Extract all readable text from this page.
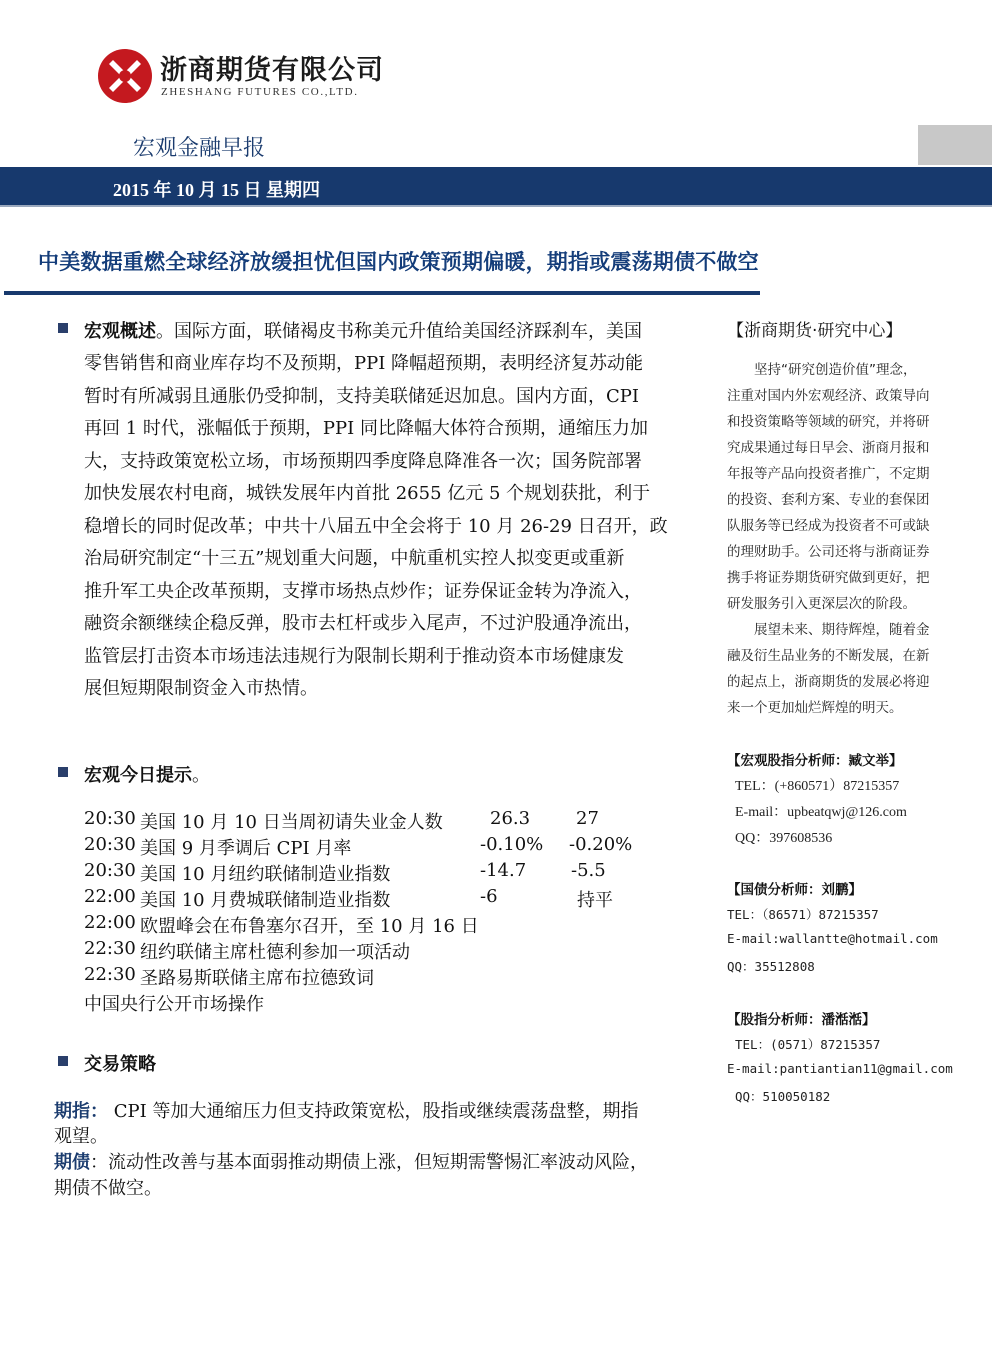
浙商期货有限公司
ZHESHANG FUTURES CO.,LTD.
宏观金融早报
2015 年 10 月 15 日 星期四
中美数据重燃全球经济放缓担忧但国内政策预期偏暖，期指或震荡期债不做空
宏观概述。国际方面，联储褐皮书称美元升值给美国经济踩刹车，美国
零售销售和商业库存均不及预期，PPI 降幅超预期，表明经济复苏动能
暂时有所减弱且通胀仍受抑制，支持美联储延迟加息。国内方面，CPI
再回 1 时代，涨幅低于预期，PPI 同比降幅大体符合预期，通缩压力加
大，支持政策宽松立场，市场预期四季度降息降准各一次；国务院部署
加快发展农村电商，城铁发展年内首批 2655 亿元 5 个规划获批，利于
稳增长的同时促改革；中共十八届五中全会将于 10 月 26-29 日召开，政
治局研究制定“十三五”规划重大问题，中航重机实控人拟变更或重新
推升军工央企改革预期，支撑市场热点炒作；证券保证金转为净流入，
融资余额继续企稳反弹，股市去杠杆或步入尾声，不过沪股通净流出，
监管层打击资本市场违法违规行为限制长期利于推动资本市场健康发
展但短期限制资金入市热情。
宏观今日提示。
20:30 美国 10 月 10 日当周初请失业金人数	26.3	27
20:30 美国 9 月季调后 CPI 月率	-0.10% -0.20%
20:30 美国 10 月纽约联储制造业指数	-14.7 -5.5
22:00 美国 10 月费城联储制造业指数	-6	持平
22:00 欧盟峰会在布鲁塞尔召开，至 10 月 16 日
22:30 纽约联储主席杜德利参加一项活动
22:30 圣路易斯联储主席布拉德致词
中国央行公开市场操作
交易策略
期指： CPI 等加大通缩压力但支持政策宽松，股指或继续震荡盘整，期指
观望。
期债：流动性改善与基本面弱推动期债上涨，但短期需警惕汇率波动风险，
期债不做空。
【浙商期货·研究中心】
　　坚持“研究创造价值”理念，
注重对国内外宏观经济、政策导向
和投资策略等领域的研究，并将研
究成果通过每日早会、浙商月报和
年报等产品向投资者推广，不定期
的投资、套利方案、专业的套保团
队服务等已经成为投资者不可或缺
的理财助手。公司还将与浙商证券
携手将证券期货研究做到更好，把
研发服务引入更深层次的阶段。
　　展望未来、期待辉煌，随着金
融及衍生品业务的不断发展，在新
的起点上，浙商期货的发展必将迎
来一个更加灿烂辉煌的明天。
【宏观股指分析师：臧文举】
TEL：(+860571）87215357
E-mail：upbeatqwj@126.com
QQ：397608536
【国债分析师：刘鹏】
TEL：（86571）87215357
E-mail:wallantte@hotmail.com
QQ：35512808
【股指分析师：潘湉湉】
TEL：(0571）87215357
E-mail:pantiantian11@gmail.com
QQ：510050182
